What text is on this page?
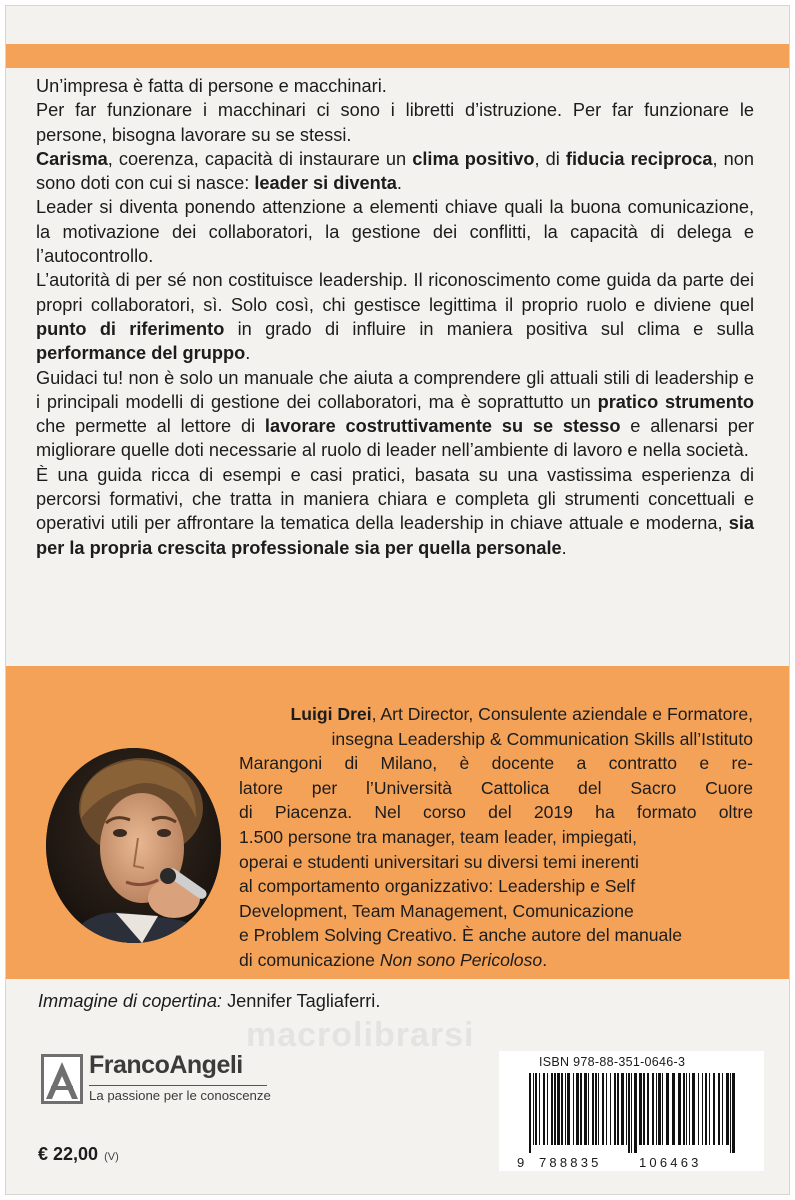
Un’impresa è fatta di persone e macchinari.

Per far funzionare i macchinari ci sono i libretti d’istruzione. Per far funzionare le persone, bisogna lavorare su se stessi.

Carisma, coerenza, capacità di instaurare un clima positivo, di fiducia reciproca, non sono doti con cui si nasce: leader si diventa.

Leader si diventa ponendo attenzione a elementi chiave quali la buona comunicazione, la motivazione dei collaboratori, la gestione dei conflitti, la capacità di delega e l’autocontrollo.

L’autorità di per sé non costituisce leadership. Il riconoscimento come guida da parte dei propri collaboratori, sì. Solo così, chi gestisce legittima il proprio ruolo e diviene quel punto di riferimento in grado di influire in maniera positiva sul clima e sulla performance del gruppo.

Guidaci tu! non è solo un manuale che aiuta a comprendere gli attuali stili di leadership e i principali modelli di gestione dei collaboratori, ma è soprattutto un pratico strumento che permette al lettore di lavorare costruttivamente su se stesso e allenarsi per migliorare quelle doti necessarie al ruolo di leader nell’ambiente di lavoro e nella società.

È una guida ricca di esempi e casi pratici, basata su una vastissima esperienza di percorsi formativi, che tratta in maniera chiara e completa gli strumenti concettuali e operativi utili per affrontare la tematica della leadership in chiave attuale e moderna, sia per la propria crescita professionale sia per quella personale.

Luigi Drei, Art Director, Consulente aziendale e Formatore,

insegna Leadership & Communication Skills all’Istituto

Marangoni di Milano, è docente a contratto e re-

latore per l’Università Cattolica del Sacro Cuore

di Piacenza. Nel corso del 2019 ha formato oltre

1.500 persone tra manager, team leader, impiegati,

operai e studenti universitari su diversi temi inerenti

al comportamento organizzativo: Leadership e Self

Development, Team Management, Comunicazione

e Problem Solving Creativo. È anche autore del manuale

di comunicazione Non sono Pericoloso.

Immagine di copertina: Jennifer Tagliaferri.
macrolibrarsi
FrancoAngeli
La passione per le conoscenze
€ 22,00 (V)
ISBN 978-88-351-0646-3
9 788835	106463
